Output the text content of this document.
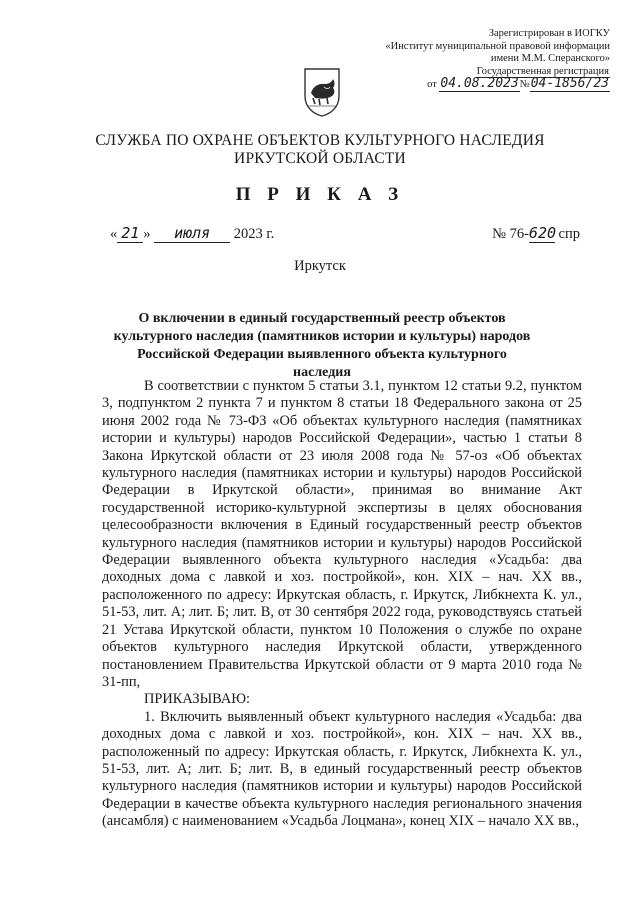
Зарегистрирован в ИОГКУ
«Институт муниципальной правовой информации
имени М.М. Сперанского»
Государственная регистрация
от 04.08.2023№04-1856/23
СЛУЖБА ПО ОХРАНЕ ОБЪЕКТОВ КУЛЬТУРНОГО НАСЛЕДИЯ
ИРКУТСКОЙ ОБЛАСТИ
П Р И К А З
« 21 » июля 2023 г.	№ 76-620 спр
Иркутск
О включении в единый государственный реестр объектов культурного наследия (памятников истории и культуры) народов Российской Федерации выявленного объекта культурного наследия

В соответствии с пунктом 5 статьи 3.1, пунктом 12 статьи 9.2, пунктом 3, подпунктом 2 пункта 7 и пунктом 8 статьи 18 Федерального закона от 25 июня 2002 года № 73-ФЗ «Об объектах культурного наследия (памятниках истории и культуры) народов Российской Федерации», частью 1 статьи 8 Закона Иркутской области от 23 июля 2008 года № 57-оз «Об объектах культурного наследия (памятниках истории и культуры) народов Российской Федерации в Иркутской области», принимая во внимание Акт государственной историко-культурной экспертизы в целях обоснования целесообразности включения в Единый государственный реестр объектов культурного наследия (памятников истории и культуры) народов Российской Федерации выявленного объекта культурного наследия «Усадьба: два доходных дома с лавкой и хоз. постройкой», кон. XIX – нач. XX вв., расположенного по адресу: Иркутская область, г. Иркутск, Либкнехта К. ул., 51-53, лит. А; лит. Б; лит. В, от 30 сентября 2022 года, руководствуясь статьей 21 Устава Иркутской области, пунктом 10 Положения о службе по охране объектов культурного наследия Иркутской области, утвержденного постановлением Правительства Иркутской области от 9 марта 2010 года № 31-пп,

ПРИКАЗЫВАЮ:

1. Включить выявленный объект культурного наследия «Усадьба: два доходных дома с лавкой и хоз. постройкой», кон. XIX – нач. XX вв., расположенный по адресу: Иркутская область, г. Иркутск, Либкнехта К. ул., 51-53, лит. А; лит. Б; лит. В, в единый государственный реестр объектов культурного наследия (памятников истории и культуры) народов Российской Федерации в качестве объекта культурного наследия регионального значения (ансамбля) с наименованием «Усадьба Лоцмана», конец XIX – начало XX вв.,
